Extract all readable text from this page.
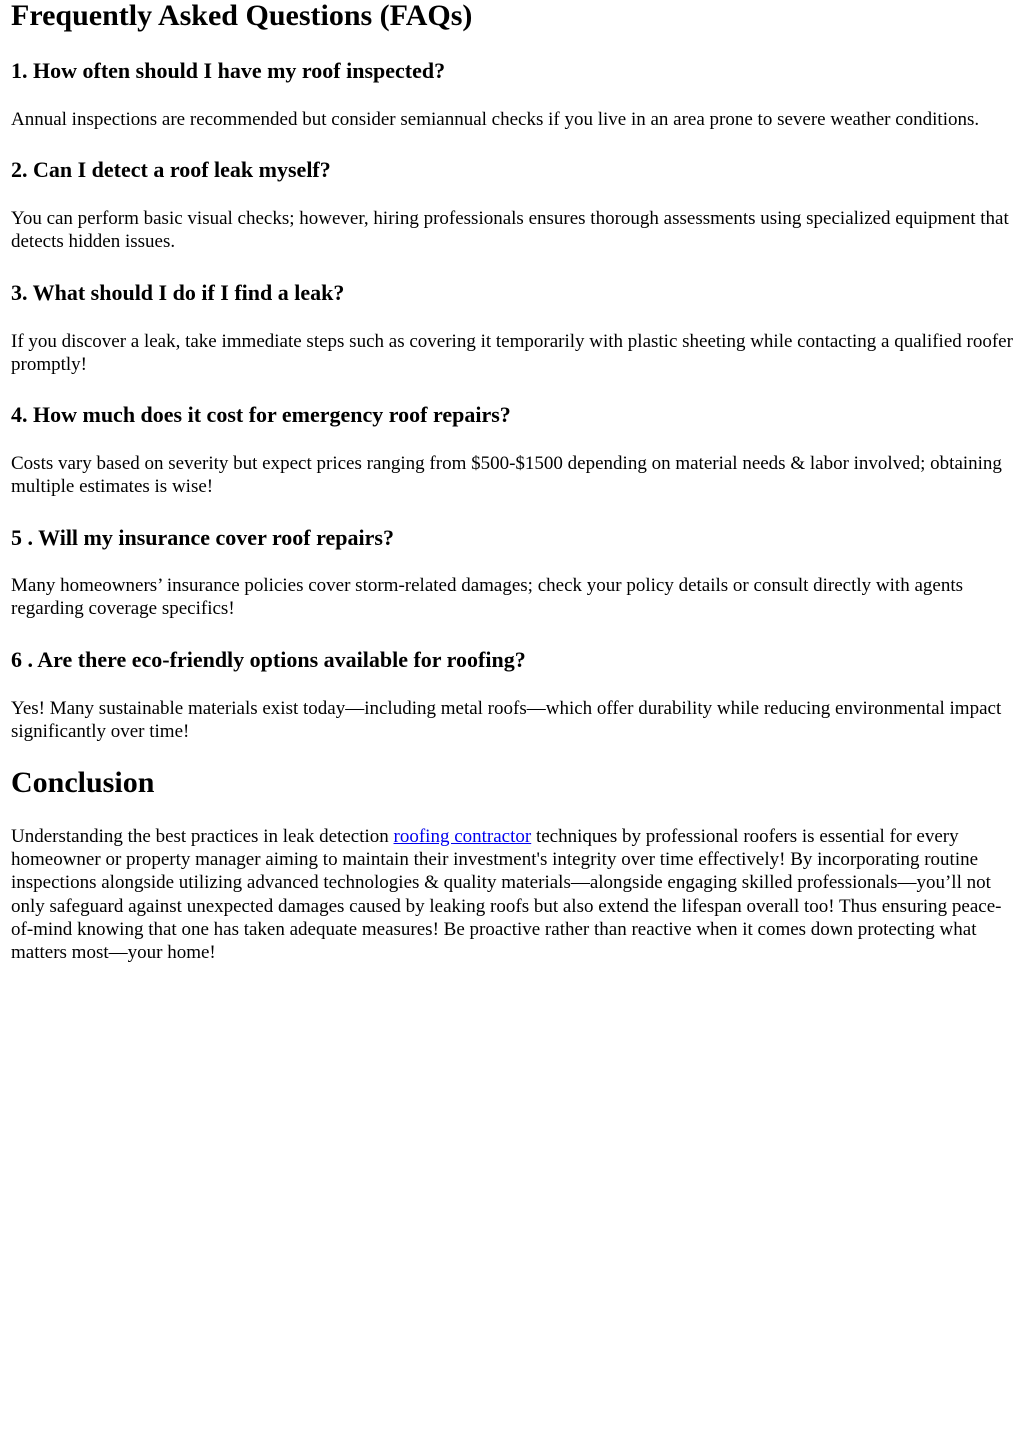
Frequently Asked Questions (FAQs)
1. How often should I have my roof inspected?

Annual inspections are recommended but consider semiannual checks if you live in an area prone to severe weather conditions.

2. Can I detect a roof leak myself?

You can perform basic visual checks; however, hiring professionals ensures thorough assessments using specialized equipment that detects hidden issues.

3. What should I do if I find a leak?

If you discover a leak, take immediate steps such as covering it temporarily with plastic sheeting while contacting a qualified roofer promptly!

4. How much does it cost for emergency roof repairs?

Costs vary based on severity but expect prices ranging from $500-$1500 depending on material needs & labor involved; obtaining multiple estimates is wise!

5 . Will my insurance cover roof repairs?

Many homeowners’ insurance policies cover storm-related damages; check your policy details or consult directly with agents regarding coverage specifics!

6 . Are there eco-friendly options available for roofing?

Yes! Many sustainable materials exist today—including metal roofs—which offer durability while reducing environmental impact significantly over time!

Conclusion

Understanding the best practices in leak detection roofing contractor techniques by professional roofers is essential for every homeowner or property manager aiming to maintain their investment's integrity over time effectively! By incorporating routine inspections alongside utilizing advanced technologies & quality materials—alongside engaging skilled professionals—you’ll not only safeguard against unexpected damages caused by leaking roofs but also extend the lifespan overall too! Thus ensuring peace-of-mind knowing that one has taken adequate measures! Be proactive rather than reactive when it comes down protecting what matters most—your home!
